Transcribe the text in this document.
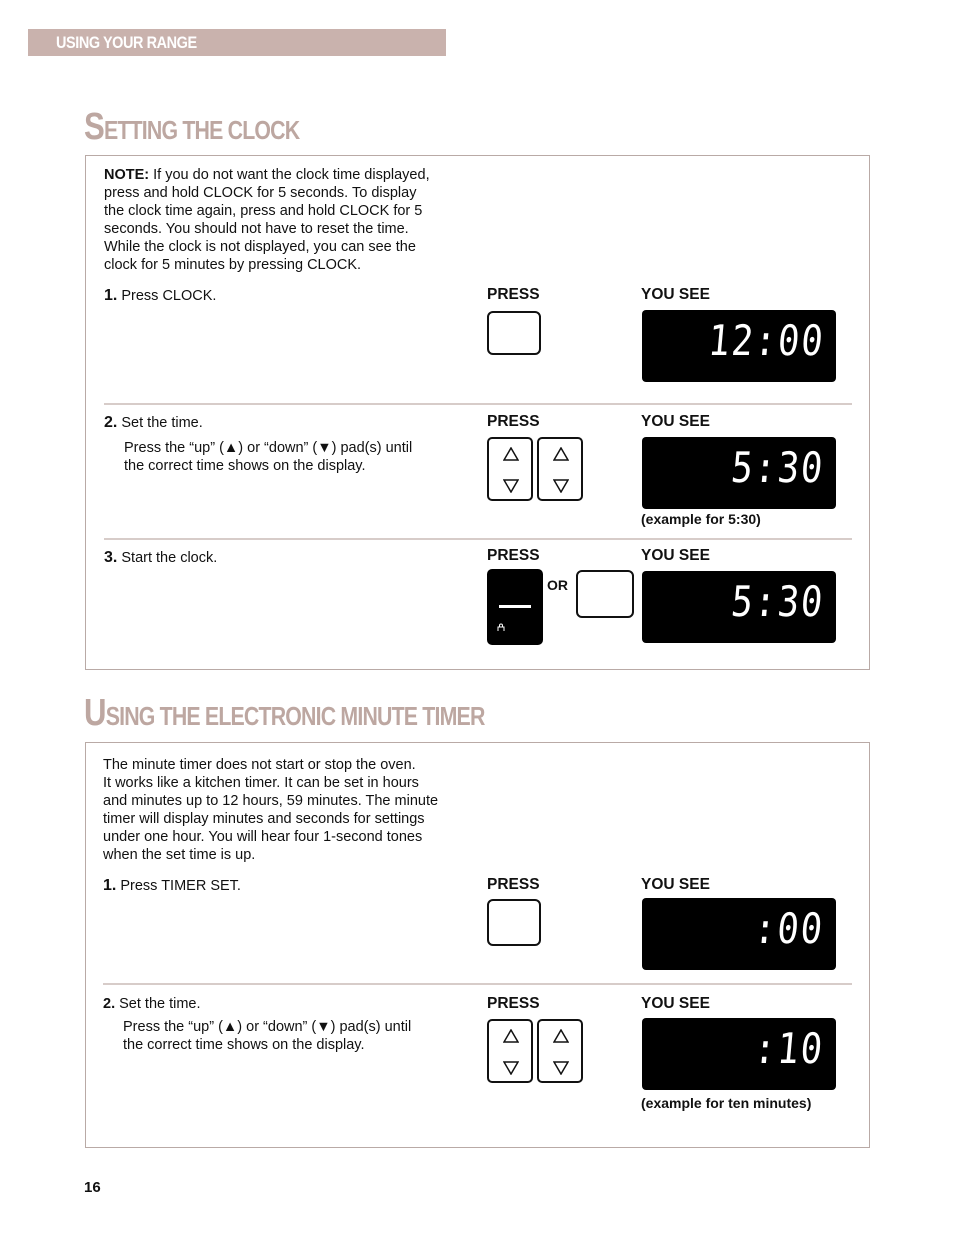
USING YOUR RANGE
SETTING THE CLOCK
NOTE: If you do not want the clock time displayed,
press and hold CLOCK for 5 seconds. To display
the clock time again, press and hold CLOCK for 5
seconds. You should not have to reset the time.
While the clock is not displayed, you can see the
clock for 5 minutes by pressing CLOCK.
1. Press CLOCK.	PRESS	YOU SEE
12:00
2. Set the time.
Press the “up” (▲) or “down” (▼) pad(s) until
the correct time shows on the display.
PRESS	YOU SEE
5:30
(example for 5:30)
3. Start the clock.	PRESS	YOU SEE
OR	5:30
USING THE ELECTRONIC MINUTE TIMER
The minute timer does not start or stop the oven.
It works like a kitchen timer. It can be set in hours
and minutes up to 12 hours, 59 minutes. The minute
timer will display minutes and seconds for settings
under one hour. You will hear four 1-second tones
when the set time is up.
1. Press TIMER SET.	PRESS	YOU SEE
:00
2. Set the time.
Press the “up” (▲) or “down” (▼) pad(s) until
the correct time shows on the display.
PRESS	YOU SEE
:10
(example for ten minutes)
16
